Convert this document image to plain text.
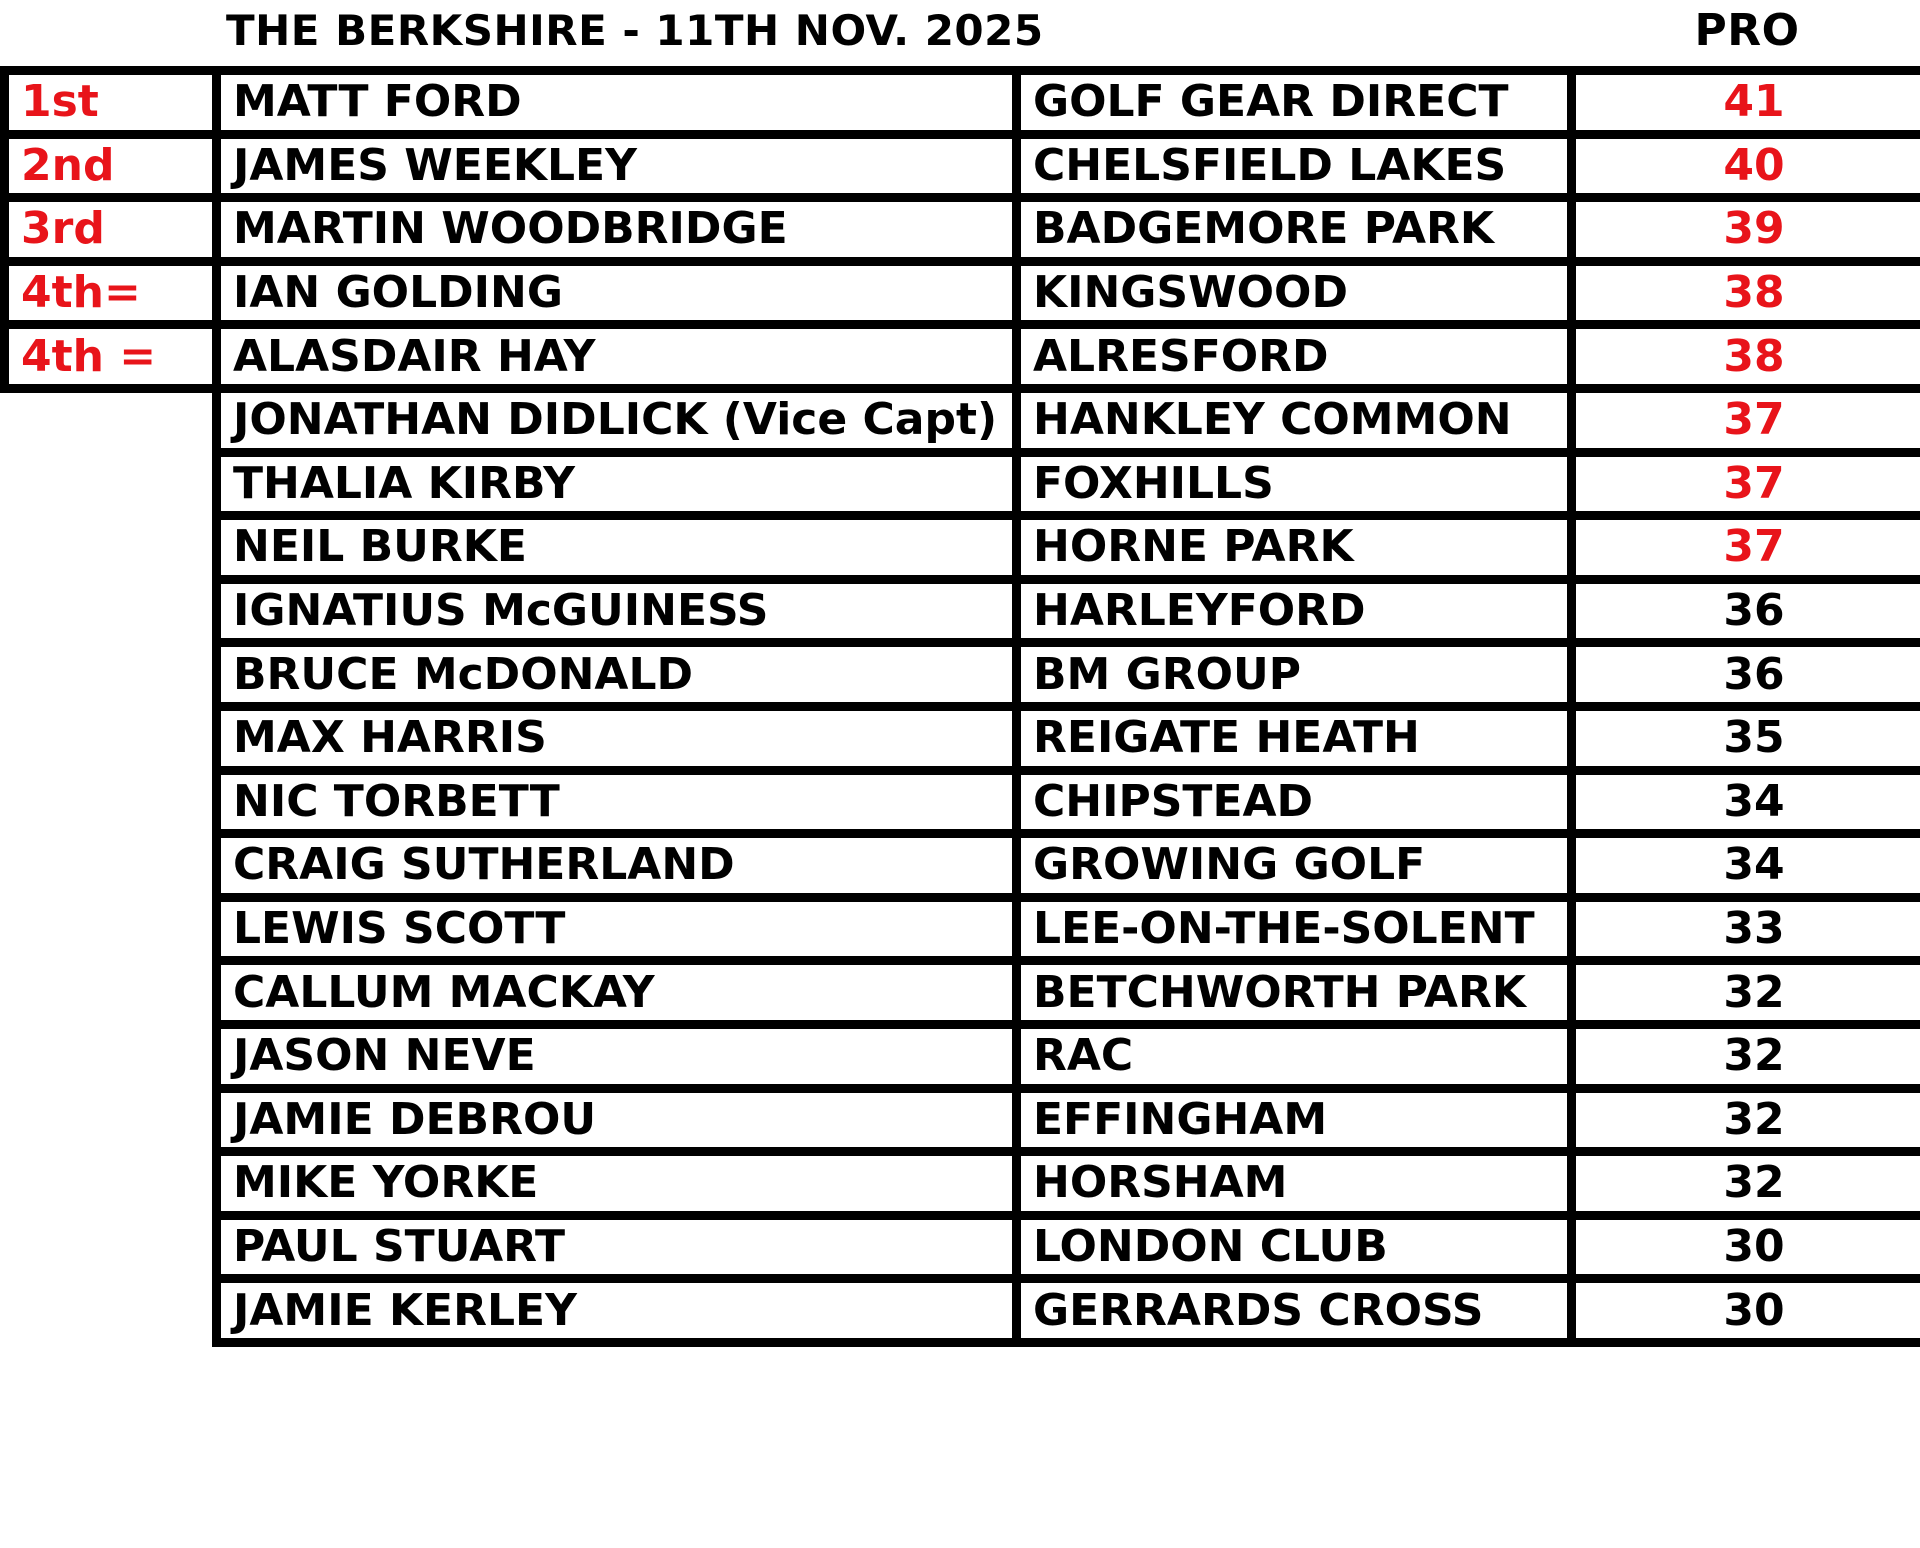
THE BERKSHIRE - 11TH NOV. 2025	PRO
1st	MATT FORD	GOLF GEAR DIRECT	41
2nd	JAMES WEEKLEY	CHELSFIELD LAKES	40
3rd	MARTIN WOODBRIDGE	BADGEMORE PARK	39
4th=	IAN GOLDING	KINGSWOOD	38
4th =	ALASDAIR HAY	ALRESFORD	38
	JONATHAN DIDLICK (Vice Capt)	HANKLEY COMMON	37
	THALIA KIRBY	FOXHILLS	37
	NEIL BURKE	HORNE PARK	37
	IGNATIUS McGUINESS	HARLEYFORD	36
	BRUCE McDONALD	BM GROUP	36
	MAX HARRIS	REIGATE HEATH	35
	NIC TORBETT	CHIPSTEAD	34
	CRAIG SUTHERLAND	GROWING GOLF	34
	LEWIS SCOTT	LEE-ON-THE-SOLENT	33
	CALLUM MACKAY	BETCHWORTH PARK	32
	JASON NEVE	RAC	32
	JAMIE DEBROU	EFFINGHAM	32
	MIKE YORKE	HORSHAM	32
	PAUL STUART	LONDON CLUB	30
	JAMIE KERLEY	GERRARDS CROSS	30
